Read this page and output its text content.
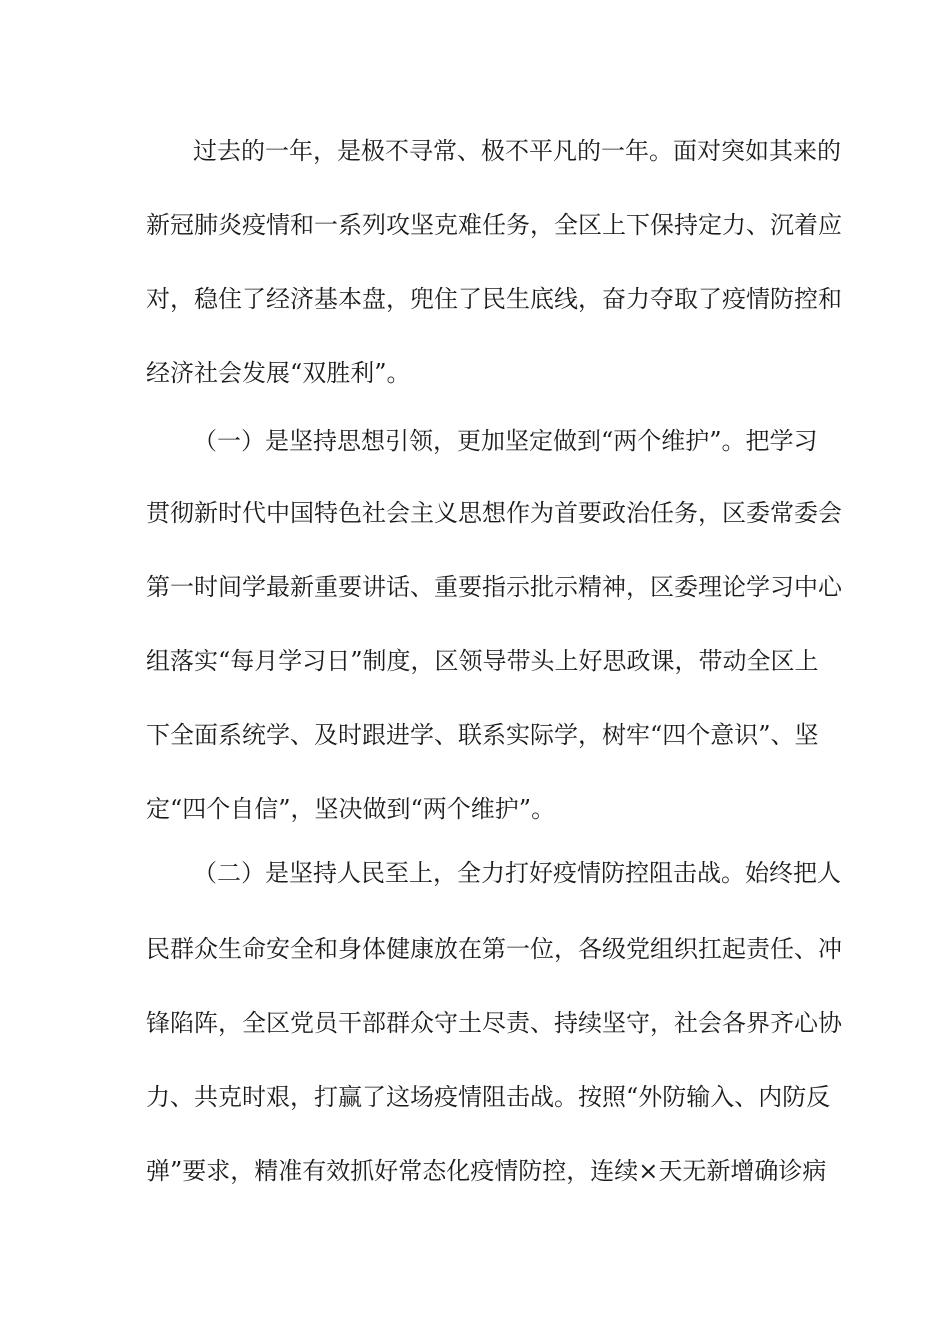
过去的一年，是极不寻常、极不平凡的一年。面对突如其来的
新冠肺炎疫情和一系列攻坚克难任务，全区上下保持定力、沉着应
对，稳住了经济基本盘，兜住了民生底线，奋力夺取了疫情防控和
经济社会发展“双胜利”。
（一）是坚持思想引领，更加坚定做到“两个维护”。把学习
贯彻新时代中国特色社会主义思想作为首要政治任务，区委常委会
第一时间学最新重要讲话、重要指示批示精神，区委理论学习中心
组落实“每月学习日”制度，区领导带头上好思政课，带动全区上
下全面系统学、及时跟进学、联系实际学，树牢“四个意识”、坚
定“四个自信”，坚决做到“两个维护”。
（二）是坚持人民至上，全力打好疫情防控阻击战。始终把人
民群众生命安全和身体健康放在第一位，各级党组织扛起责任、冲
锋陷阵，全区党员干部群众守土尽责、持续坚守，社会各界齐心协
力、共克时艰，打赢了这场疫情阻击战。按照“外防输入、内防反
弹”要求，精准有效抓好常态化疫情防控，连续×天无新增确诊病
